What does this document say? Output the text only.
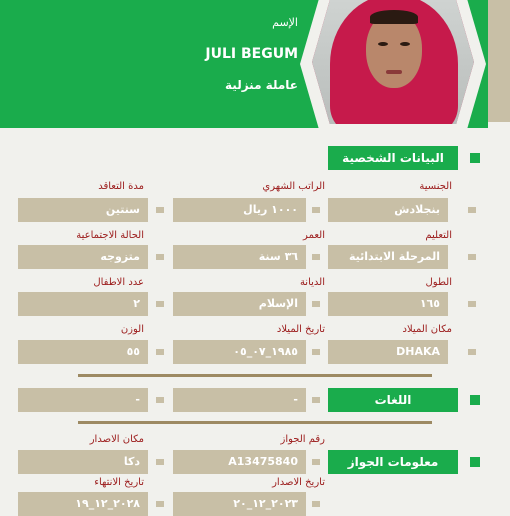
الإسم
JULI BEGUM
عاملة منزلية
البيانات الشخصية
الجنسية
بنجلادش
الراتب الشهري
١٠٠٠ ريال
مدة التعاقد
سنتين
التعليم
المرحلة الابتدائية
العمر
٣٦ سنة
الحالة الاجتماعية
متزوجه
الطول
١٦٥
الديانة
الإسلام
عدد الاطفال
٢
مكان الميلاد
DHAKA
تاريخ الميلاد
١٩٨٥_٠٧_٠٥
الوزن
٥٥
اللغات
-
-
معلومات الجواز
رقم الجواز
A13475840
مكان الاصدار
دكا
تاريخ الاصدار
٢٠٢٣_١٢_٢٠
تاريخ الانتهاء
٢٠٢٨_١٢_١٩
